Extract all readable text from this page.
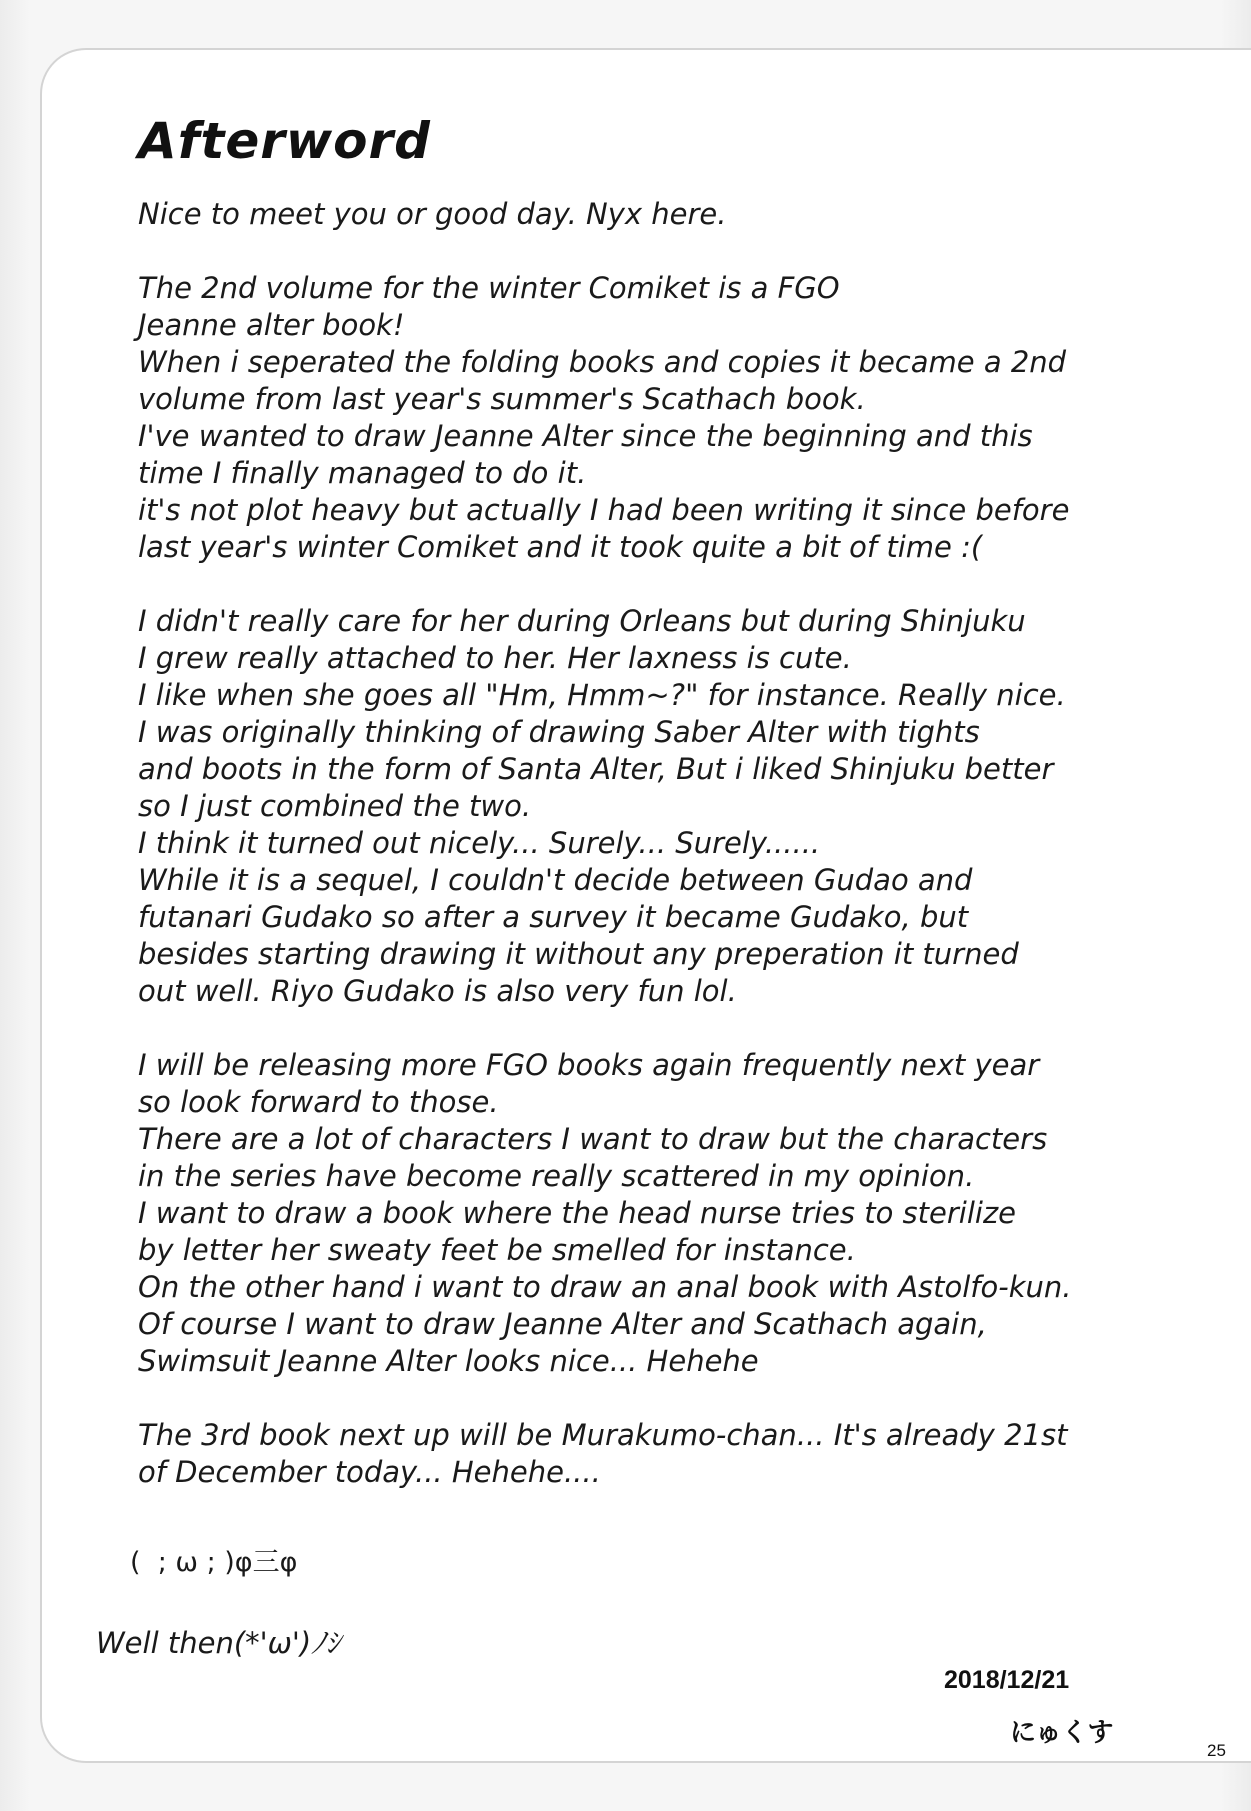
Afterword
Nice to meet you or good day. Nyx here.
The 2nd volume for the winter Comiket is a FGO
Jeanne alter book!
When i seperated the folding books and copies it became a 2nd
volume from last year's summer's Scathach book.
I've wanted to draw Jeanne Alter since the beginning and this
time I finally managed to do it.
it's not plot heavy but actually I had been writing it since before
last year's winter Comiket and it took quite a bit of time :(
I didn't really care for her during Orleans but during Shinjuku
I grew really attached to her. Her laxness is cute.
I like when she goes all "Hm, Hmm~?" for instance. Really nice.
I was originally thinking of drawing Saber Alter with tights
and boots in the form of Santa Alter, But i liked Shinjuku better
so I just combined the two.
I think it turned out nicely... Surely... Surely......
While it is a sequel, I couldn't decide between Gudao and
futanari Gudako so after a survey it became Gudako, but
besides starting drawing it without any preperation it turned
out well. Riyo Gudako is also very fun lol.
I will be releasing more FGO books again frequently next year
so look forward to those.
There are a lot of characters I want to draw but the characters
in the series have become really scattered in my opinion.
I want to draw a book where the head nurse tries to sterilize
by letter her sweaty feet be smelled for instance.
On the other hand i want to draw an anal book with Astolfo-kun.
Of course I want to draw Jeanne Alter and Scathach again,
Swimsuit Jeanne Alter looks nice... Hehehe
The 3rd book next up will be Murakumo-chan... It's already 21st
of December today... Hehehe....
(  ; ω ; )φ三φ
Well then(*'ω')ﾉｼ
2018/12/21
にゅくす
25
